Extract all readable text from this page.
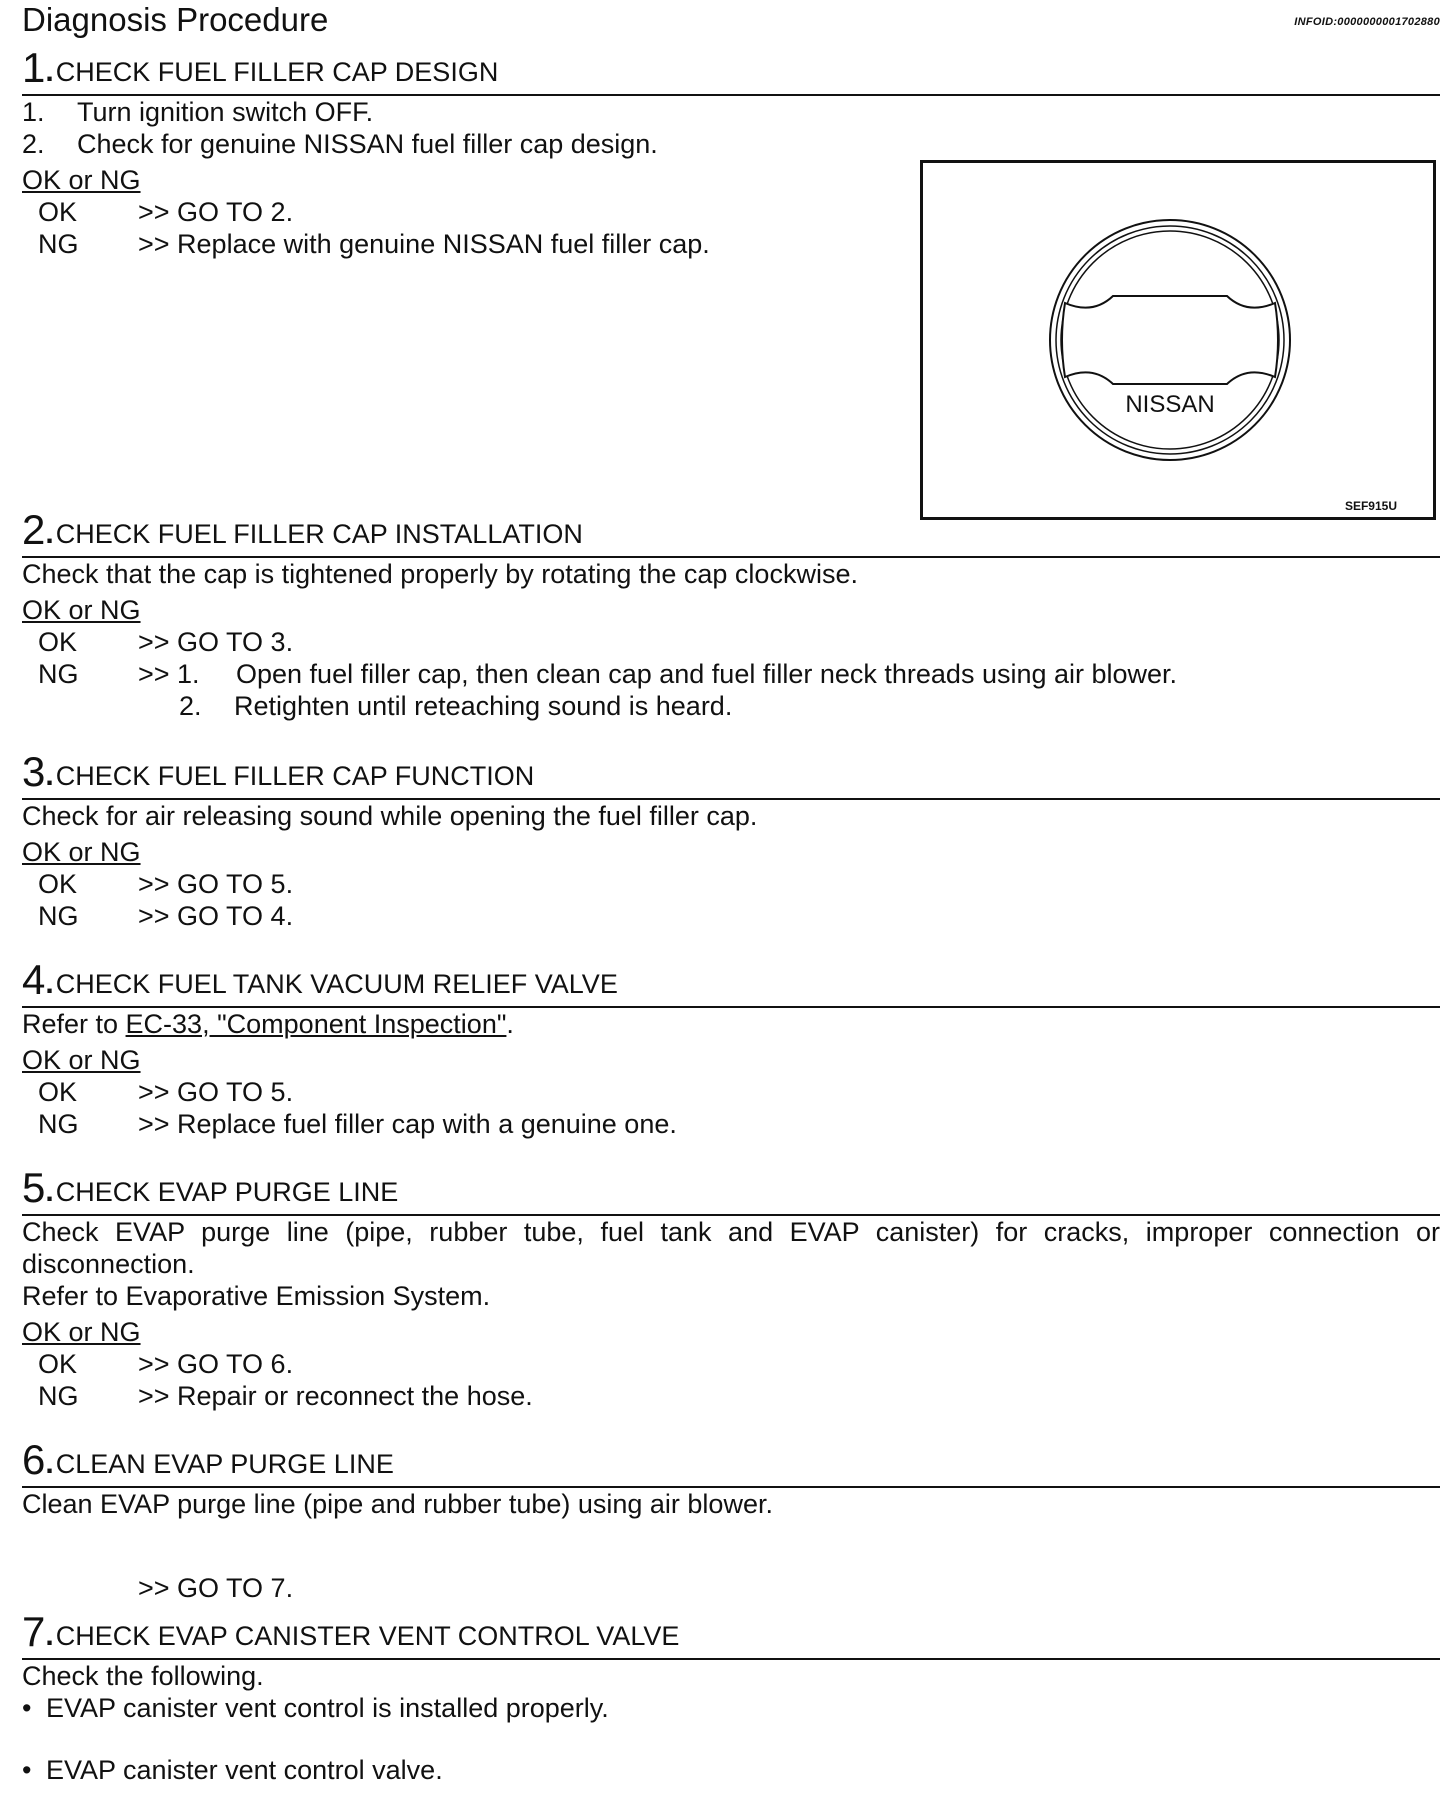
Diagnosis Procedure	INFOID:0000000001702880
1 . CHECK FUEL FILLER CAP DESIGN
1. Turn ignition switch OFF.
2. Check for genuine NISSAN fuel filler cap design.
OK or NG
OK	>> GO TO 2.
NG	>> Replace with genuine NISSAN fuel filler cap.
NISSAN
SEF915U
2 . CHECK FUEL FILLER CAP INSTALLATION
Check that the cap is tightened properly by rotating the cap clockwise.
OK or NG
OK	>> GO TO 3.
NG	>> 1.	Open fuel filler cap, then clean cap and fuel filler neck threads using air blower.
2.	Retighten until reteaching sound is heard.
3 . CHECK FUEL FILLER CAP FUNCTION
Check for air releasing sound while opening the fuel filler cap.
OK or NG
OK	>> GO TO 5.
NG	>> GO TO 4.
4 . CHECK FUEL TANK VACUUM RELIEF VALVE
Refer to EC-33, "Component Inspection".
OK or NG
OK	>> GO TO 5.
NG	>> Replace fuel filler cap with a genuine one.
5 . CHECK EVAP PURGE LINE
Check EVAP purge line (pipe, rubber tube, fuel tank and EVAP canister) for cracks, improper connection or disconnection.
Refer to Evaporative Emission System.
OK or NG
OK	>> GO TO 6.
NG	>> Repair or reconnect the hose.
6 . CLEAN EVAP PURGE LINE
Clean EVAP purge line (pipe and rubber tube) using air blower.
>> GO TO 7.
7 . CHECK EVAP CANISTER VENT CONTROL VALVE
Check the following.
• EVAP canister vent control is installed properly.
• EVAP canister vent control valve.
